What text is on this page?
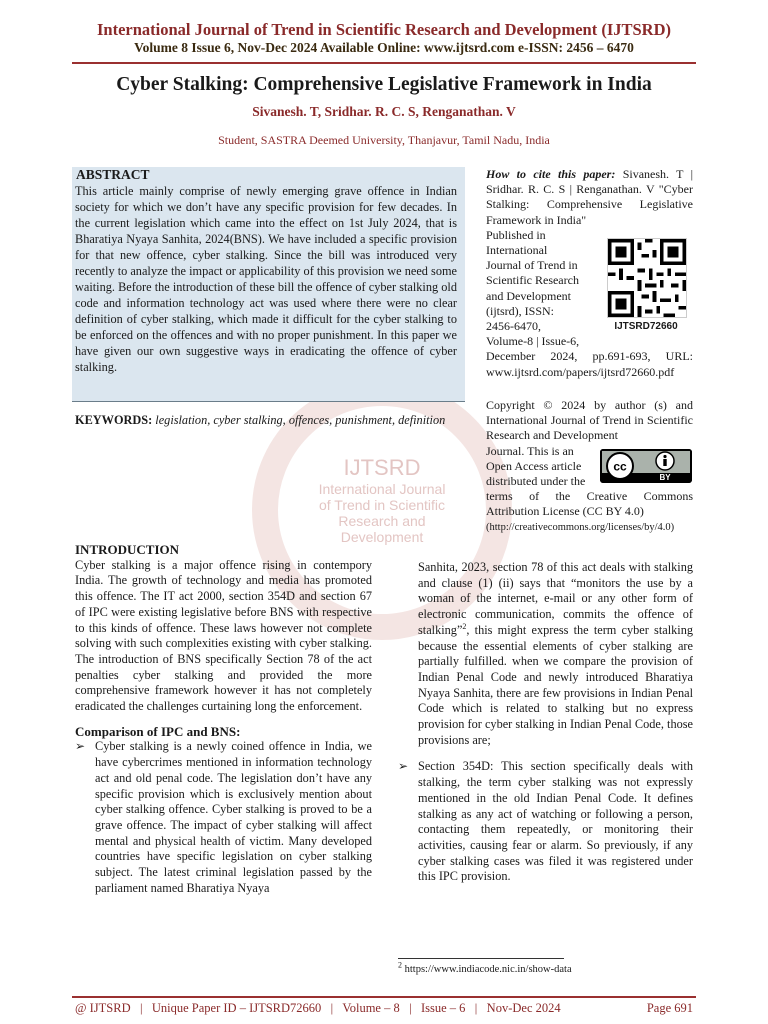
IJTSRD
International Journal
of Trend in Scientific
Research and
Development
International Journal of Trend in Scientific Research and Development (IJTSRD)
Volume 8 Issue 6, Nov-Dec 2024 Available Online: www.ijtsrd.com e-ISSN: 2456 – 6470
Cyber Stalking: Comprehensive Legislative Framework in India
Sivanesh. T, Sridhar. R. C. S, Renganathan. V
Student, SASTRA Deemed University, Thanjavur, Tamil Nadu, India
ABSTRACT
This article mainly comprise of newly emerging grave offence in Indian society for which we don’t have any specific provision for few decades. In the current legislation which came into the effect on 1st July 2024, that is Bharatiya Nyaya Sanhita, 2024(BNS). We have included a specific provision for that new offence, cyber stalking. Since the bill was introduced very recently to analyze the impact or applicability of this provision we need some waiting. Before the introduction of these bill the offence of cyber stalking old code and information technology act was used where there were no clear definition of cyber stalking, which made it difficult for the cyber stalking to be enforced on the offences and with no proper punishment. In this paper we have given our own suggestive ways in eradicating the offence of cyber stalking.
KEYWORDS: legislation, cyber stalking, offences, punishment, definition
How to cite this paper: Sivanesh. T | Sridhar. R. C. S | Renganathan. V "Cyber Stalking: Comprehensive Legislative Framework in India"
Published in
International
Journal of Trend in
Scientific Research
and Development
(ijtsrd), ISSN:
2456-6470,
Volume-8 | Issue-6,
December 2024, pp.691-693, URL: www.ijtsrd.com/papers/ijtsrd72660.pdf
IJTSRD72660
Copyright © 2024 by author (s) and International Journal of Trend in Scientific Research and Development
Journal. This is an
Open Access article
distributed under the
terms of the Creative Commons Attribution License (CC BY 4.0)
(http://creativecommons.org/licenses/by/4.0)
cc
BY
INTRODUCTION

Cyber stalking is a major offence rising in contempory India. The growth of technology and media has promoted this offence. The IT act 2000, section 354D and section 67 of IPC were existing legislative before BNS with respective to this kinds of offence. These laws however not complete solving with such complexities existing with cyber stalking. The introduction of BNS specifically Section 78 of the act penalties cyber stalking and provided the more comprehensive framework however it has not completely eradicated the challenges curtaining long the enforcement.

Comparison of IPC and BNS:
➢ Cyber stalking is a newly coined offence in India, we have cybercrimes mentioned in information technology act and old penal code. The legislation don’t have any specific provision which is exclusively mention about cyber stalking offence. Cyber stalking is proved to be a grave offence. The impact of cyber stalking will affect mental and physical health of victim. Many developed countries have specific legislation on cyber stalking subject. The latest criminal legislation passed by the parliament named Bharatiya Nyaya

Sanhita, 2023, section 78 of this act deals with stalking and clause (1) (ii) says that “monitors the use by a woman of the internet, e-mail or any other form of electronic communication, commits the offence of stalking”$^2$, this might express the term cyber stalking because the essential elements of cyber stalking are partially fulfilled. when we compare the provision of Indian Penal Code and newly introduced Bharatiya Nyaya Sanhita, there are few provisions in Indian Penal Code which is related to stalking but no express provision for cyber stalking in Indian Penal Code, those provisions are;

➢ Section 354D: This section specifically deals with stalking, the term cyber stalking was not expressly mentioned in the old Indian Penal Code. It defines stalking as any act of watching or following a person, contacting them repeatedly, or monitoring their activities, causing fear or alarm. So previously, if any cyber stalking cases was filed it was registered under this IPC provision.
$^2$ https://www.indiacode.nic.in/show-data
@ IJTSRD   |   Unique Paper ID – IJTSRD72660   |   Volume – 8   |   Issue – 6   |   Nov-Dec 2024	Page 691
